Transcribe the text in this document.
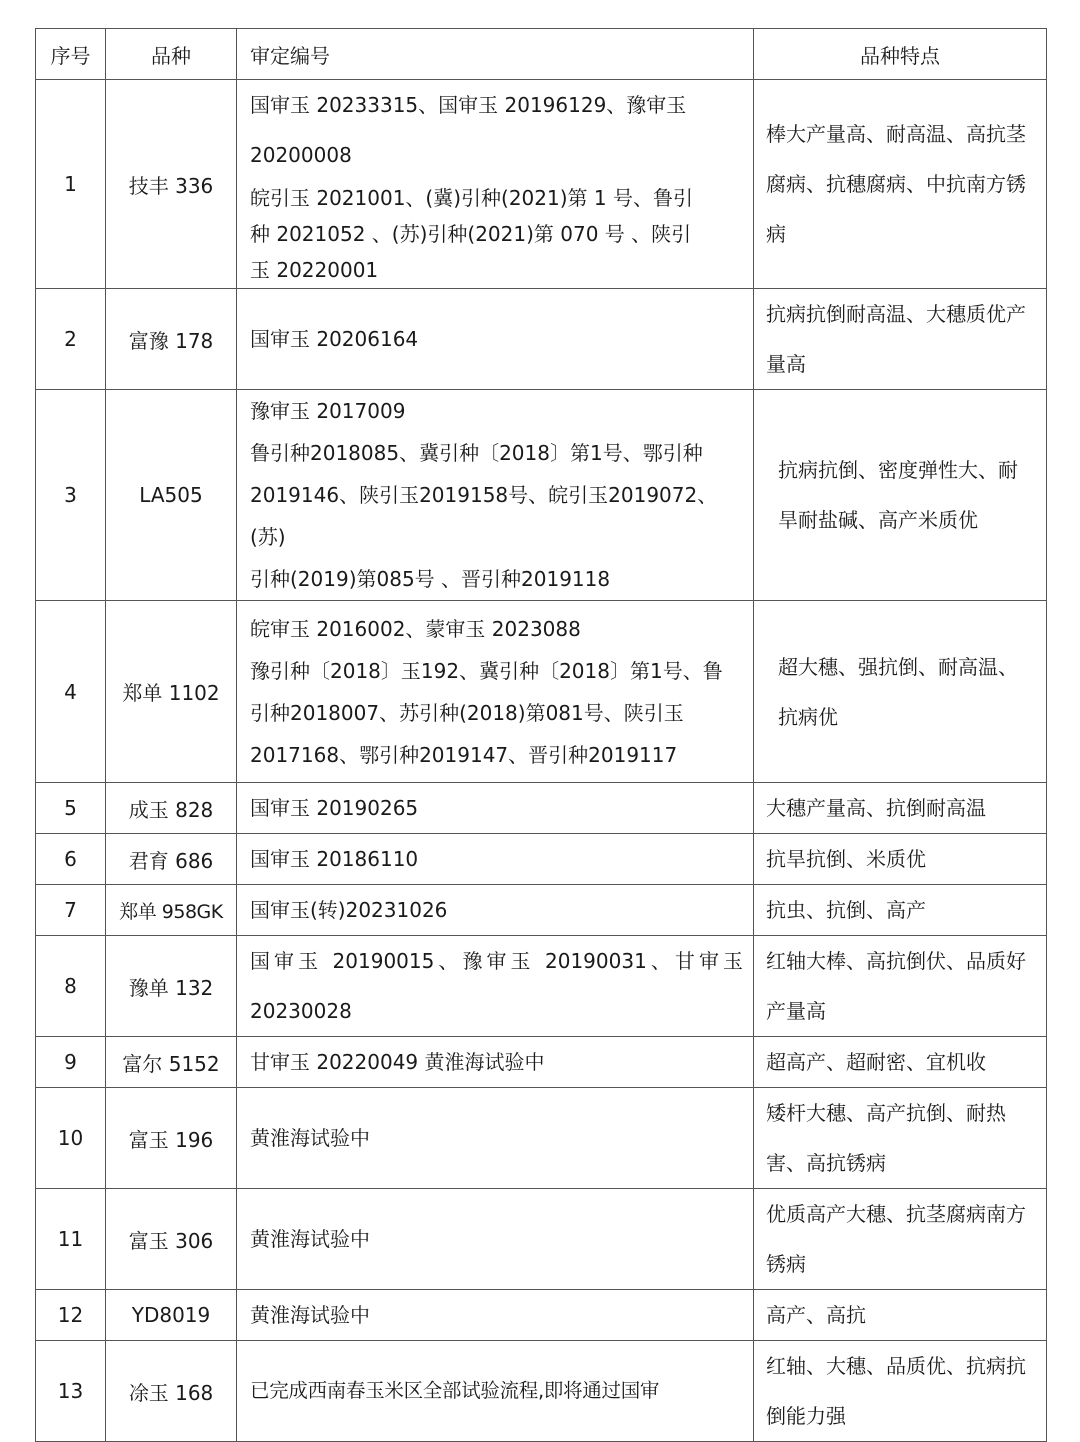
序号	品种	审定编号	品种特点
1	技丰 336	国审玉 20233315、国审玉 20196129、豫审玉
20200008
皖引玉 2021001、(冀)引种(2021)第 1 号、鲁引
种 2021052 、(苏)引种(2021)第 070 号 、陕引
玉 20220001	棒大产量高、耐高温、高抗茎腐病、抗穗腐病、中抗南方锈病
2	富豫 178	国审玉 20206164	抗病抗倒耐高温、大穗质优产量高
3	LA505	豫审玉 2017009
鲁引种2018085、冀引种〔2018〕第1号、鄂引种
2019146、陕引玉2019158号、皖引玉2019072、(苏)
引种(2019)第085号 、晋引种2019118	抗病抗倒、密度弹性大、耐旱耐盐碱、高产米质优
4	郑单 1102	皖审玉 2016002、蒙审玉 2023088
豫引种〔2018〕玉192、冀引种〔2018〕第1号、鲁
引种2018007、苏引种(2018)第081号、陕引玉
2017168、鄂引种2019147、晋引种2019117	超大穗、强抗倒、耐高温、抗病优
5	成玉 828	国审玉 20190265	大穗产量高、抗倒耐高温
6	君育 686	国审玉 20186110	抗旱抗倒、米质优
7	郑单 958GK	国审玉(转)20231026	抗虫、抗倒、高产
8	豫单 132	国审玉 20190015、豫审玉 20190031、甘审玉
20230028	红轴大棒、高抗倒伏、品质好产量高
9	富尔 5152	甘审玉 20220049 黄淮海试验中	超高产、超耐密、宜机收
10	富玉 196	黄淮海试验中	矮杆大穗、高产抗倒、耐热害、高抗锈病
11	富玉 306	黄淮海试验中	优质高产大穗、抗茎腐病南方锈病
12	YD8019	黄淮海试验中	高产、高抗
13	凃玉 168	已完成西南春玉米区全部试验流程,即将通过国审	红轴、大穗、品质优、抗病抗倒能力强
